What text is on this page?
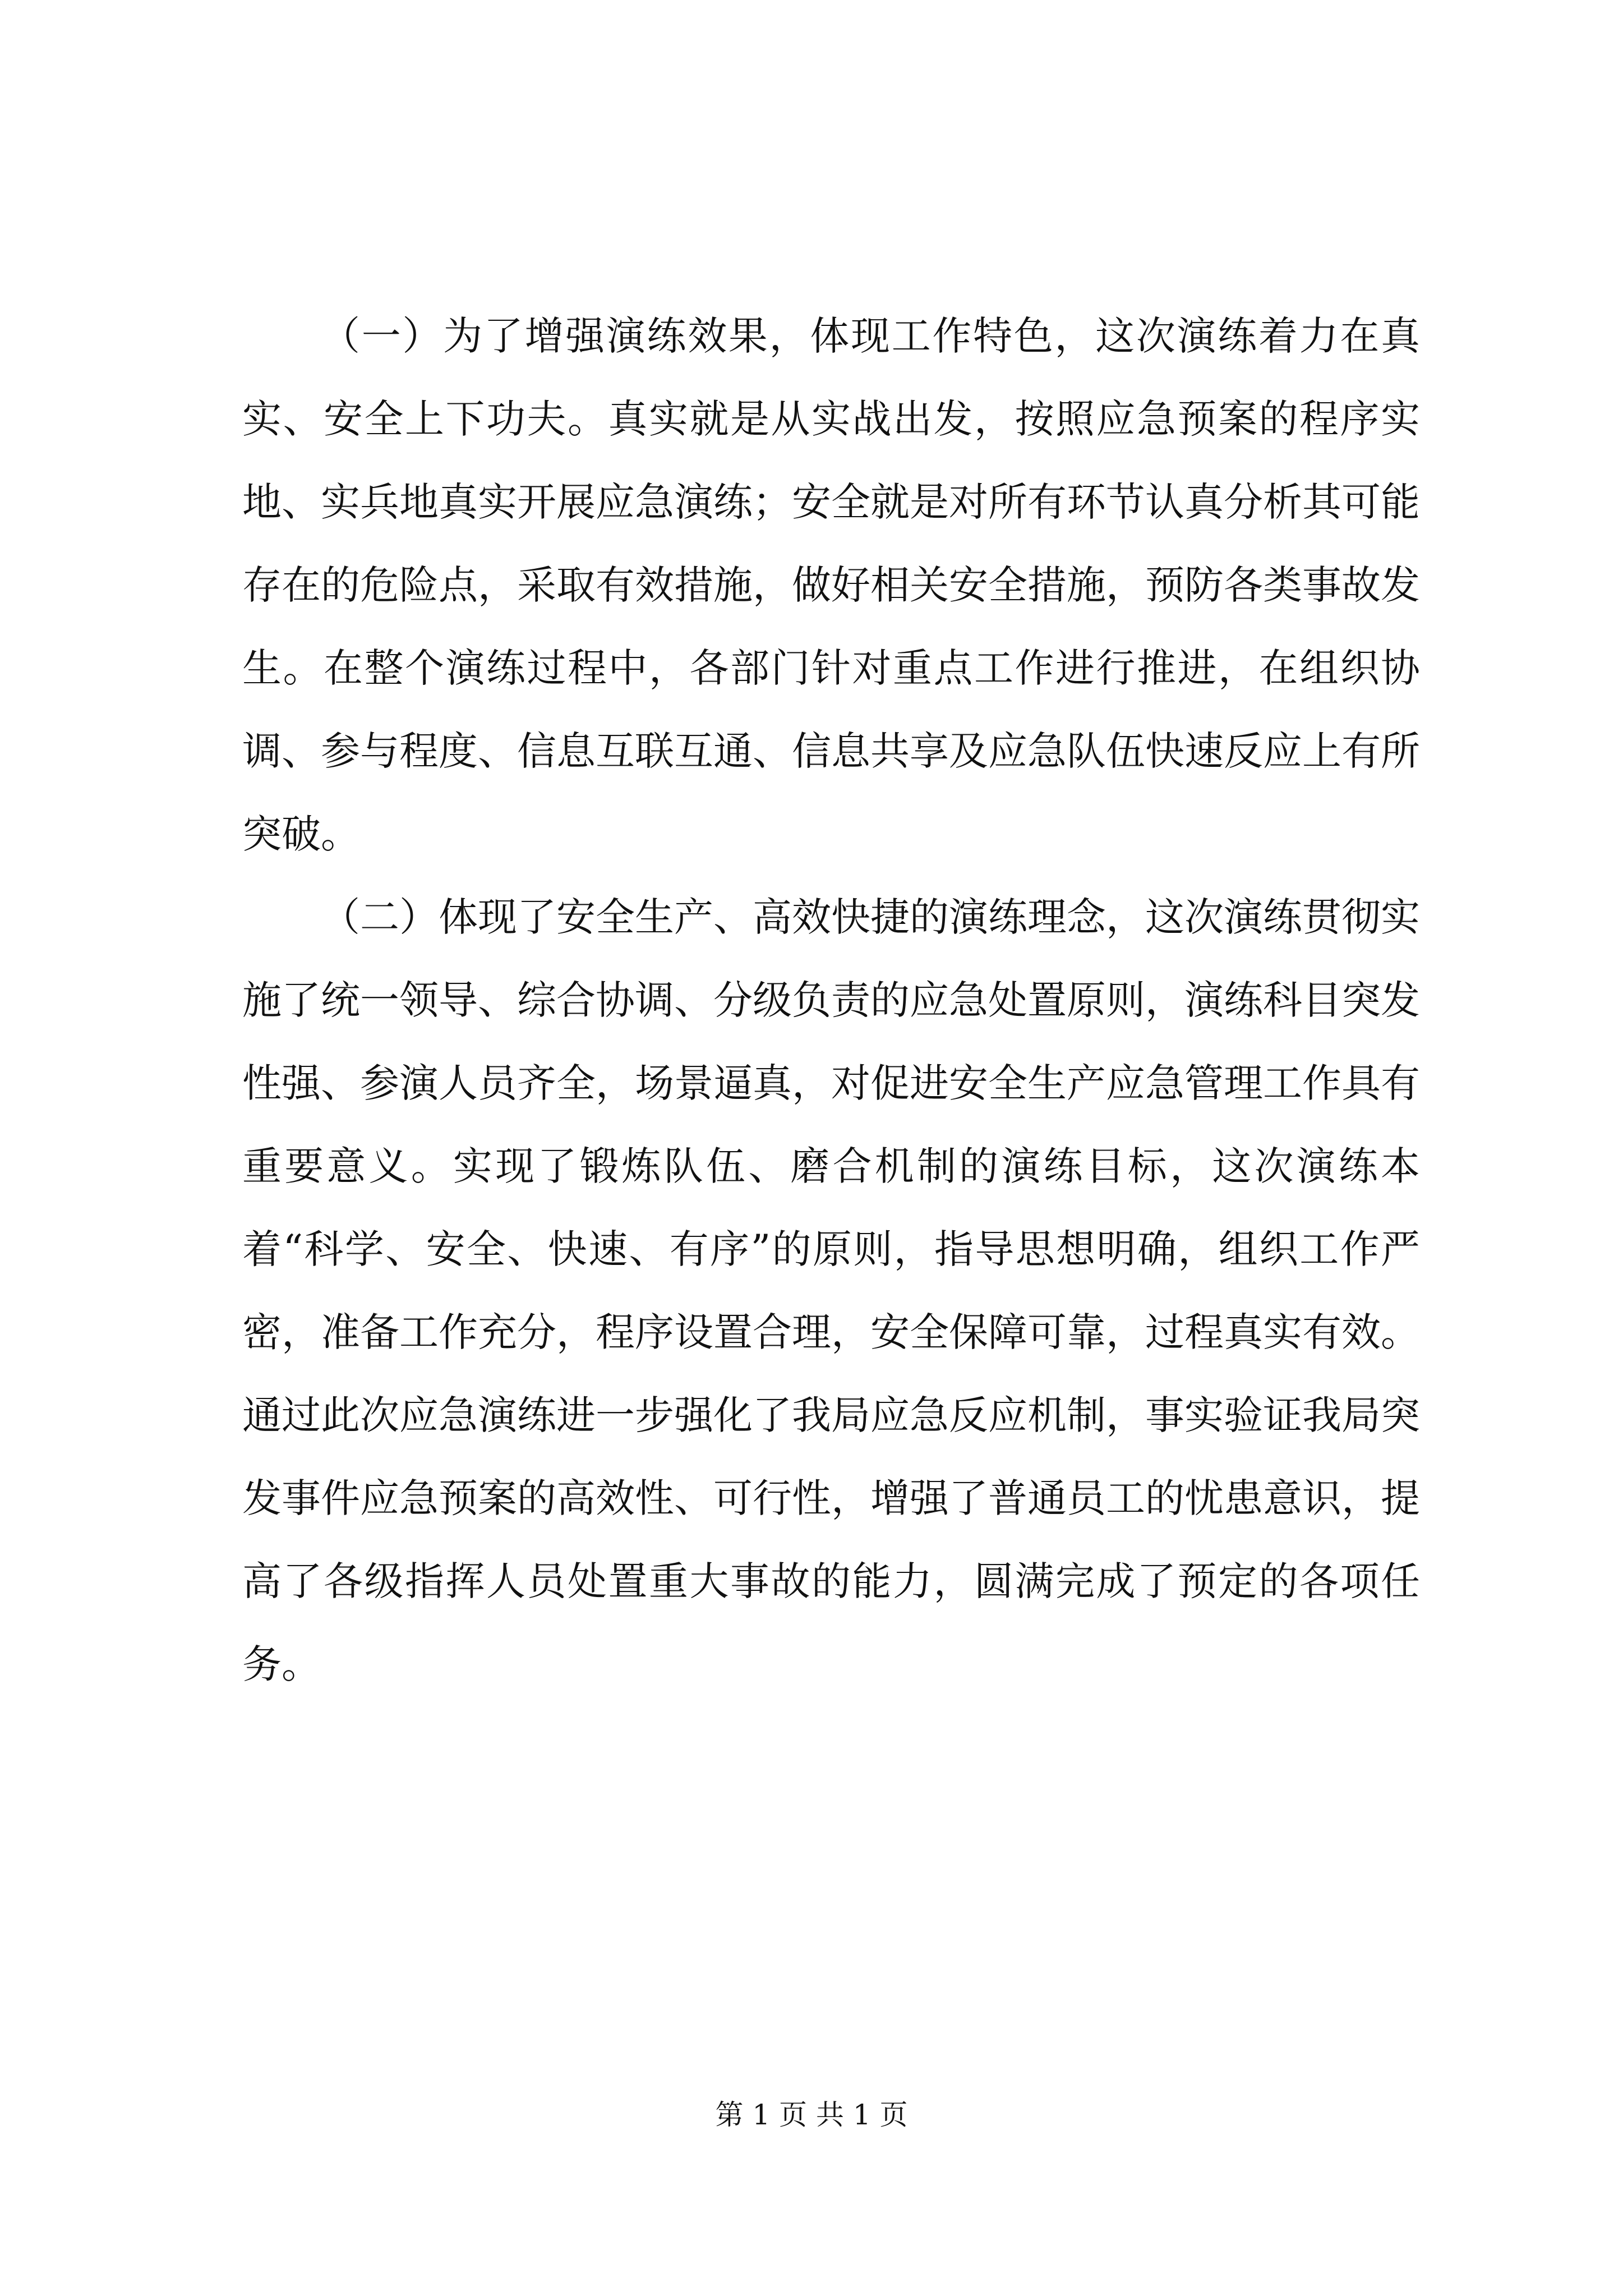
（一）为了增强演练效果，体现工作特色，这次演练着力在真实、安全上下功夫。真实就是从实战出发，按照应急预案的程序实地、实兵地真实开展应急演练；安全就是对所有环节认真分析其可能存在的危险点，采取有效措施，做好相关安全措施，预防各类事故发生。在整个演练过程中，各部门针对重点工作进行推进，在组织协调、参与程度、信息互联互通、信息共享及应急队伍快速反应上有所突破。

（二）体现了安全生产、高效快捷的演练理念，这次演练贯彻实施了统一领导、综合协调、分级负责的应急处置原则，演练科目突发性强、参演人员齐全，场景逼真，对促进安全生产应急管理工作具有重要意义。实现了锻炼队伍、磨合机制的演练目标，这次演练本着“科学、安全、快速、有序”的原则，指导思想明确，组织工作严密，准备工作充分，程序设置合理，安全保障可靠，过程真实有效。通过此次应急演练进一步强化了我局应急反应机制，事实验证我局突发事件应急预案的高效性、可行性，增强了普通员工的忧患意识，提高了各级指挥人员处置重大事故的能力，圆满完成了预定的各项任务。

第 1 页 共 1 页
